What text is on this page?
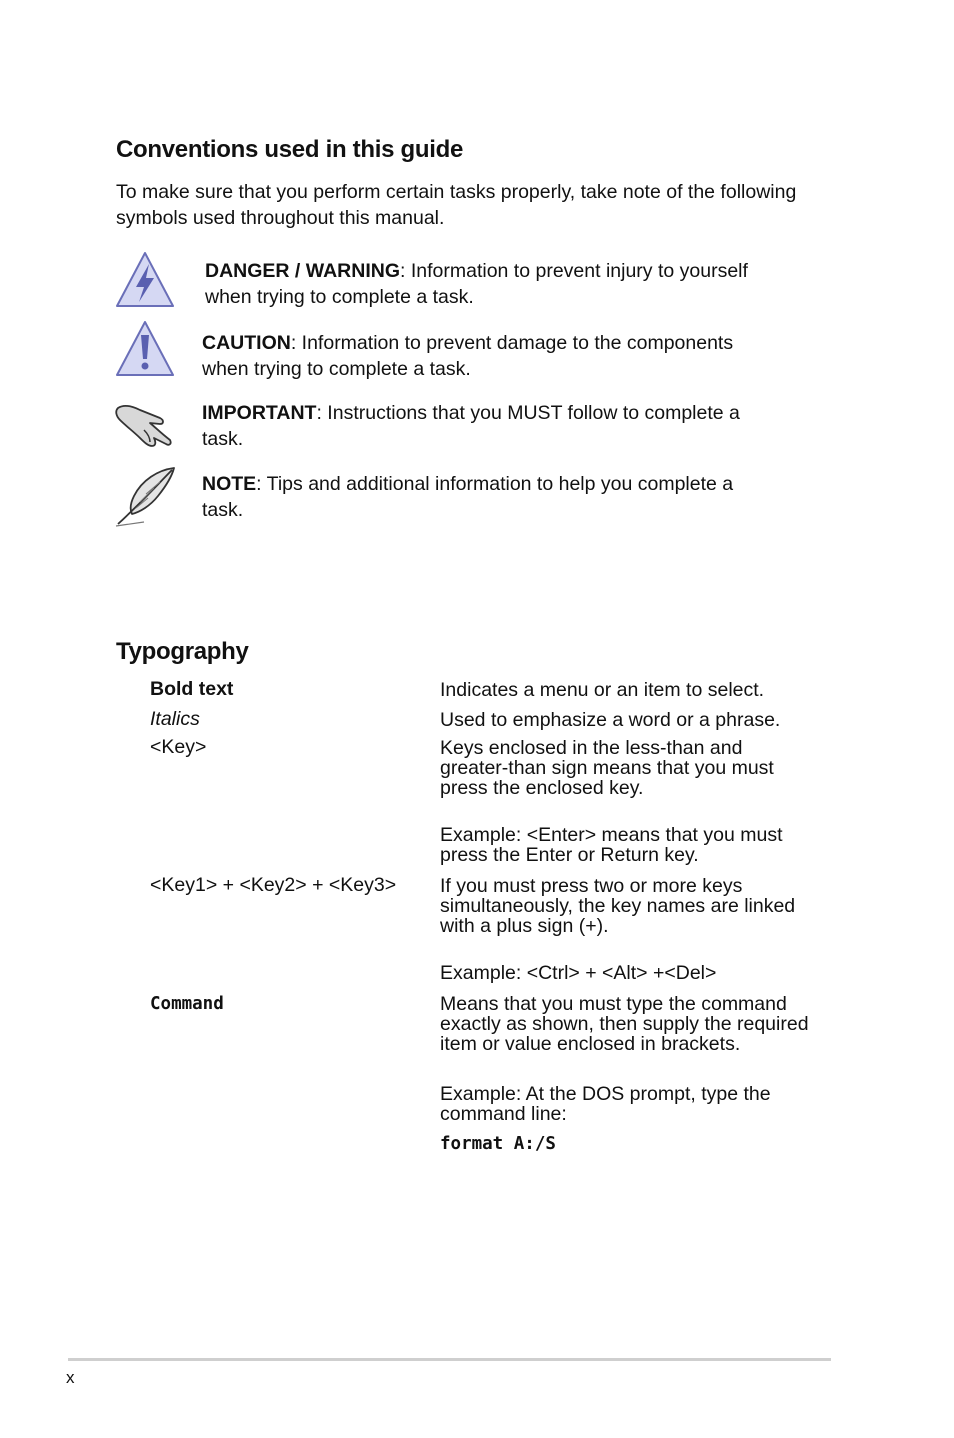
Conventions used in this guide

To make sure that you perform certain tasks properly, take note of the following symbols used throughout this manual.

DANGER / WARNING: Information to prevent injury to yourself when trying to complete a task.

CAUTION: Information to prevent damage to the components when trying to complete a task.

IMPORTANT: Instructions that you MUST follow to complete a task.

NOTE: Tips and additional information to help you complete a task.

Typography
Bold text	Indicates a menu or an item to select.
Italics	Used to emphasize a word or a phrase.
<Key>	Keys enclosed in the less-than and greater-than sign means that you must press the enclosed key.
Example: <Enter> means that you must press the Enter or Return key.
<Key1> + <Key2> + <Key3> If you must press two or more keys simultaneously, the key names are linked with a plus sign (+).
Example: <Ctrl> + <Alt> +<Del>
Command	Means that you must type the command exactly as shown, then supply the required item or value enclosed in brackets.
Example: At the DOS prompt, type the command line:
format A:/S
x
